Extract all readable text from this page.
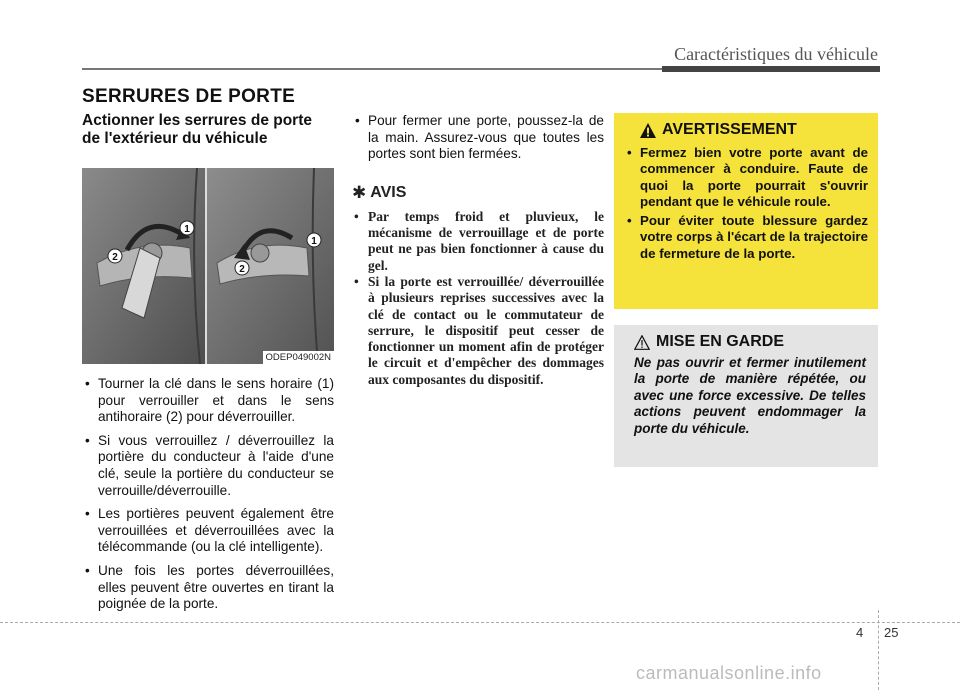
Caractéristiques du véhicule
SERRURES DE PORTE
Actionner les serrures de porte
de l'extérieur du véhicule
1
2
1
2
ODEP049002N
• Tourner la clé dans le sens horaire (1) pour verrouiller et dans le sens antihoraire (2) pour déverrouiller.
• Si vous verrouillez / déverrouillez la portière du conducteur à l'aide d'une clé, seule la portière du conducteur se verrouille/déverrouille.
• Les portières peuvent également être verrouillées et déverrouillées avec la télécommande (ou la clé intelligente).
• Une fois les portes déverrouillées, elles peuvent être ouvertes en tirant la poignée de la porte.
• Pour fermer une porte, poussez-la de la main. Assurez-vous que toutes les portes sont bien fermées.
✱ AVIS
• Par temps froid et pluvieux, le mécanisme de verrouillage et de porte peut ne pas bien fonctionner à cause du gel.
• Si la porte est verrouillée/ déverrouillée à plusieurs reprises successives avec la clé de contact ou le commutateur de serrure, le dispositif peut cesser de fonctionner un moment afin de protéger le circuit et d'empêcher des dommages aux composantes du dispositif.
AVERTISSEMENT
• Fermez bien votre porte avant de commencer à conduire. Faute de quoi la porte pourrait s'ouvrir pendant que le véhicule roule.
• Pour éviter toute blessure gardez votre corps à l'écart de la trajectoire de fermeture de la porte.
MISE EN GARDE
Ne pas ouvrir et fermer inutilement la porte de manière répétée, ou avec une force excessive. De telles actions peuvent endommager la porte du véhicule.
4 25
carmanualsonline.info
